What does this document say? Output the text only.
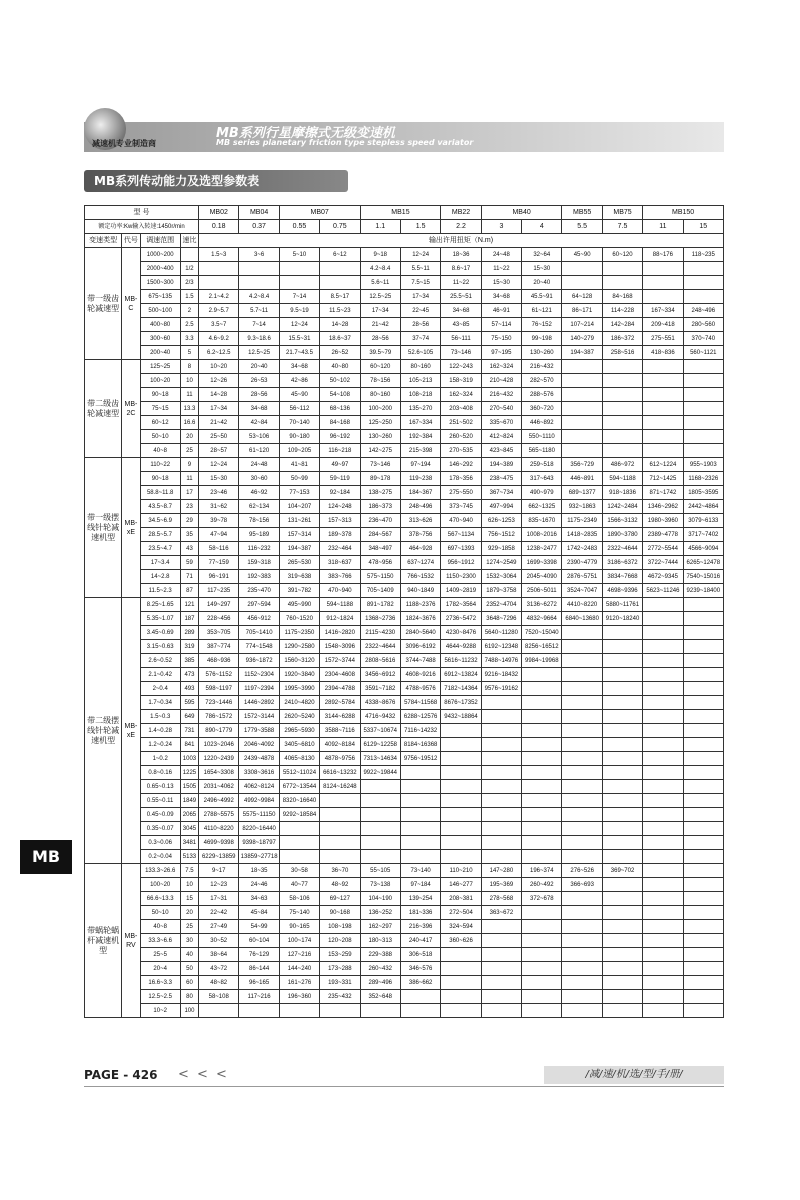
减速机专业制造商
MB系列行星摩擦式无级变速机
MB series planetary friction type stepless speed variator
MB系列传动能力及选型参数表
型 号				MB02	MB04	MB07		MB15		MB22	MB40		MB55	MB75	MB150	
额定功率:Kw输入转速:1450r/min				0.18	0.37	0.55	0.75	1.1	1.5	2.2	3	4	5.5	7.5	11	15
变速类型	代号	调速范围	速比	输出许用扭矩（N.m)												
带一级齿轮减速型	MB-C	1000~200		1.5~3	3~6	5~10	6~12	9~18	12~24	18~36	24~48	32~64	45~90	60~120	88~176	118~235
		2000~400	1/2					4.2~8.4	5.5~11	8.6~17	11~22	15~30				
		1500~300	2/3					5.6~11	7.5~15	11~22	15~30	20~40				
		675~135	1.5	2.1~4.2	4.2~8.4	7~14	8.5~17	12.5~25	17~34	25.5~51	34~68	45.5~91	64~128	84~168		
		500~100	2	2.9~5.7	5.7~11	9.5~19	11.5~23	17~34	22~45	34~68	46~91	61~121	86~171	114~228	167~334	248~496
		400~80	2.5	3.5~7	7~14	12~24	14~28	21~42	28~56	43~85	57~114	76~152	107~214	142~284	209~418	280~560
		300~60	3.3	4.6~9.2	9.3~18.6	15.5~31	18.6~37	28~56	37~74	56~111	75~150	99~198	140~279	186~372	275~551	370~740
		200~40	5	6.2~12.5	12.5~25	21.7~43.5	26~52	39.5~79	52.6~105	73~146	97~195	130~260	194~387	258~516	418~836	560~1121
带二级齿轮减速型	MB-2C	125~25	8	10~20	20~40	34~68	40~80	60~120	80~160	122~243	162~324	216~432				
		100~20	10	12~26	26~53	42~86	50~102	78~156	105~213	158~319	210~428	282~570				
		90~18	11	14~28	28~56	45~90	54~108	80~160	108~218	162~324	216~432	288~576				
		75~15	13.3	17~34	34~68	56~112	68~136	100~200	135~270	203~408	270~540	360~720				
		60~12	16.6	21~42	42~84	70~140	84~168	125~250	167~334	251~502	335~670	446~892				
		50~10	20	25~50	53~106	90~180	96~192	130~260	192~384	260~520	412~824	550~1110				
		40~8	25	28~57	61~120	109~205	116~218	142~275	215~398	270~535	423~845	565~1180				
带一级摆线针轮减速机型	MB-xE	110~22	9	12~24	24~48	41~81	49~97	73~146	97~194	146~292	194~389	259~518	356~729	486~972	612~1224	955~1903
		90~18	11	15~30	30~60	50~99	59~119	89~178	119~238	178~356	238~475	317~643	446~891	594~1188	712~1425	1168~2326
		58.8~11.8	17	23~46	46~92	77~153	92~184	138~275	184~367	275~550	367~734	490~979	689~1377	918~1836	871~1742	1805~3595
		43.5~8.7	23	31~62	62~134	104~207	124~248	186~373	248~496	373~745	497~994	662~1325	932~1863	1242~2484	1346~2962	2442~4864
		34.5~6.9	29	39~78	78~156	131~261	157~313	236~470	313~626	470~940	626~1253	835~1670	1175~2349	1566~3132	1980~3960	3079~6133
		28.5~5.7	35	47~94	95~189	157~314	189~378	284~567	378~756	567~1134	756~1512	1008~2016	1418~2835	1890~3780	2389~4778	3717~7402
		23.5~4.7	43	58~116	116~232	194~387	232~464	348~497	464~928	697~1393	929~1858	1238~2477	1742~2483	2322~4644	2772~5544	4566~9094
		17~3.4	59	77~159	159~318	265~530	318~637	478~956	637~1274	956~1912	1274~2549	1699~3398	2390~4779	3186~6372	3722~7444	6265~12478
		14~2.8	71	96~191	192~383	319~638	383~766	575~1150	766~1532	1150~2300	1532~3064	2045~4090	2876~5751	3834~7668	4672~9345	7540~15016
		11.5~2.3	87	117~235	235~470	391~782	470~940	705~1409	940~1849	1409~2819	1879~3758	2506~5011	3524~7047	4698~9396	5623~11246	9239~18400
带二级摆线针轮减速机型	MB-xE	8.25~1.65	121	149~297	297~594	495~990	594~1188	891~1782	1188~2376	1782~3564	2352~4704	3136~6272	4410~8220	5880~11761		
		5.35~1.07	187	228~456	456~912	760~1520	912~1824	1368~2736	1824~3676	2736~5472	3648~7296	4832~9664	6840~13680	9120~18240		
		3.45~0.69	289	353~705	705~1410	1175~2350	1416~2820	2115~4230	2840~5640	4230~8476	5640~11280	7520~15040				
		3.15~0.63	319	387~774	774~1548	1290~2580	1548~3096	2322~4644	3096~6192	4644~9288	6192~12348	8256~16512				
		2.6~0.52	385	468~936	936~1872	1560~3120	1572~3744	2808~5616	3744~7488	5616~11232	7488~14976	9984~19968				
		2.1~0.42	473	576~1152	1152~2304	1920~3840	2304~4608	3456~6912	4608~9216	6912~13824	9216~18432					
		2~0.4	493	598~1197	1197~2394	1995~3990	2394~4788	3591~7182	4788~9576	7182~14364	9576~19162					
		1.7~0.34	595	723~1446	1446~2892	2410~4820	2892~5784	4338~8676	5784~11568	8676~17352						
		1.5~0.3	649	786~1572	1572~3144	2620~5240	3144~6288	4716~9432	6288~12576	9432~18864						
		1.4~0.28	731	890~1779	1779~3588	2965~5930	3588~7116	5337~10674	7116~14232							
		1.2~0.24	841	1023~2046	2046~4092	3405~6810	4092~8184	6129~12258	8184~16368							
		1~0.2	1003	1220~2439	2439~4878	4065~8130	4878~9756	7313~14634	9756~19512							
		0.8~0.16	1225	1654~3308	3308~3616	5512~11024	6616~13232	9922~19844								
		0.65~0.13	1505	2031~4062	4062~8124	6772~13544	8124~16248									
		0.55~0.11	1849	2496~4992	4992~9984	8320~16640										
		0.45~0.09	2065	2788~5575	5575~11150	9292~18584										
		0.35~0.07	3045	4110~8220	8220~16440											
		0.3~0.06	3481	4699~9398	9398~18797											
		0.2~0.04	5133	6229~13859	13859~27718											
带蜗轮蜗杆减速机型	MB-RV	133.3~26.6	7.5	9~17	18~35	30~58	36~70	55~105	73~140	110~210	147~280	196~374	276~526	369~702		
		100~20	10	12~23	24~46	40~77	48~92	73~138	97~184	146~277	195~369	260~492	366~693			
		66.6~13.3	15	17~31	34~63	58~106	69~127	104~190	139~254	208~381	278~568	372~678				
		50~10	20	22~42	45~84	75~140	90~168	136~252	181~336	272~504	363~672					
		40~8	25	27~49	54~99	90~165	108~198	162~297	216~396	324~594						
		33.3~6.6	30	30~52	60~104	100~174	120~208	180~313	240~417	360~626						
		25~5	40	38~64	76~129	127~216	153~259	229~388	306~518							
		20~4	50	43~72	86~144	144~240	173~288	260~432	346~576							
		16.6~3.3	60	48~82	96~165	161~276	193~331	289~496	386~662							
		12.5~2.5	80	58~108	117~216	196~360	235~432	352~648								
		10~2	100													
MB
PAGE - 426 < < <	/减/速/机/选/型/手/册/
